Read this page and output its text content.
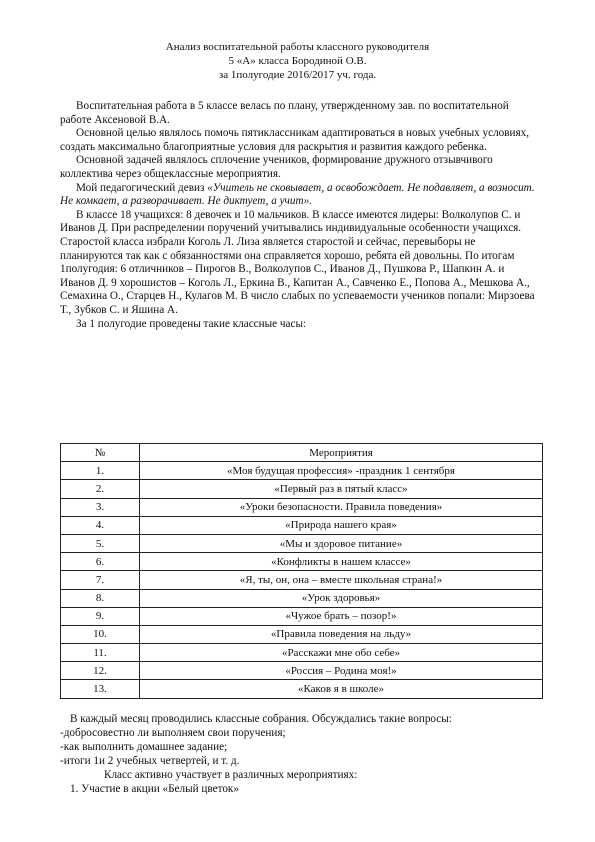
Анализ воспитательной работы классного руководителя
5 «А» класса Бородиной О.В.
за 1полугодие 2016/2017 уч. года.

Воспитательная работа в 5 классе велась по плану, утвержденному зав. по воспитательной работе Аксеновой В.А.

Основной целью являлось помочь пятиклассникам адаптироваться в новых учебных условиях, создать максимально благоприятные условия для раскрытия и развития каждого ребенка.

Основной задачей являлось сплочение учеников, формирование дружного отзывчивого коллектива через общеклассные мероприятия.

Мой педагогический девиз «Учитель не сковывает, а освобождает. Не подавляет, а возносит. Не комкает, а разворачивает. Не диктует, а учит».

В классе 18 учащихся: 8 девочек и 10 мальчиков. В классе имеются лидеры: Волколупов С. и Иванов Д. При распределении поручений учитывались индивидуальные особенности учащихся. Старостой класса избрали Коголь Л. Лиза является старостой и сейчас, перевыборы не планируются так как с обязанностями она справляется хорошо, ребята ей довольны. По итогам 1полугодия: 6 отличников – Пирогов В., Волколупов С., Иванов Д., Пушкова Р., Шапкин А. и Иванов Д. 9 хорошистов – Коголь Л., Еркина В., Капитан А., Савченко Е., Попова А., Мешкова А., Семахина О., Старцев Н., Кулагов М. В число слабых по успеваемости учеников попали: Мирзоева Т., Зубков С. и Яшина А.

За 1 полугодие проведены такие классные часы:

№	Мероприятия
1.	«Моя будущая профессия» -праздник 1 сентября
2.	«Первый раз в пятый класс»
3.	«Уроки безопасности. Правила поведения»
4.	«Природа нашего края»
5.	«Мы и здоровое питание»
6.	«Конфликты в нашем классе»
7.	«Я, ты, он, она – вместе школьная страна!»
8.	«Урок здоровья»
9.	«Чужое брать – позор!»
10.	«Правила поведения на льду»
11.	«Расскажи мне обо себе»
12.	«Россия – Родина моя!»
13.	«Каков я в школе»

В каждый месяц проводились классные собрания. Обсуждались такие вопросы:

-добросовестно ли выполняем свои поручения;

-как выполнить домашнее задание;

-итоги 1и 2 учебных четвертей, и т. д.

Класс активно участвует в различных мероприятиях:

1. Участие в акции «Белый цветок»
